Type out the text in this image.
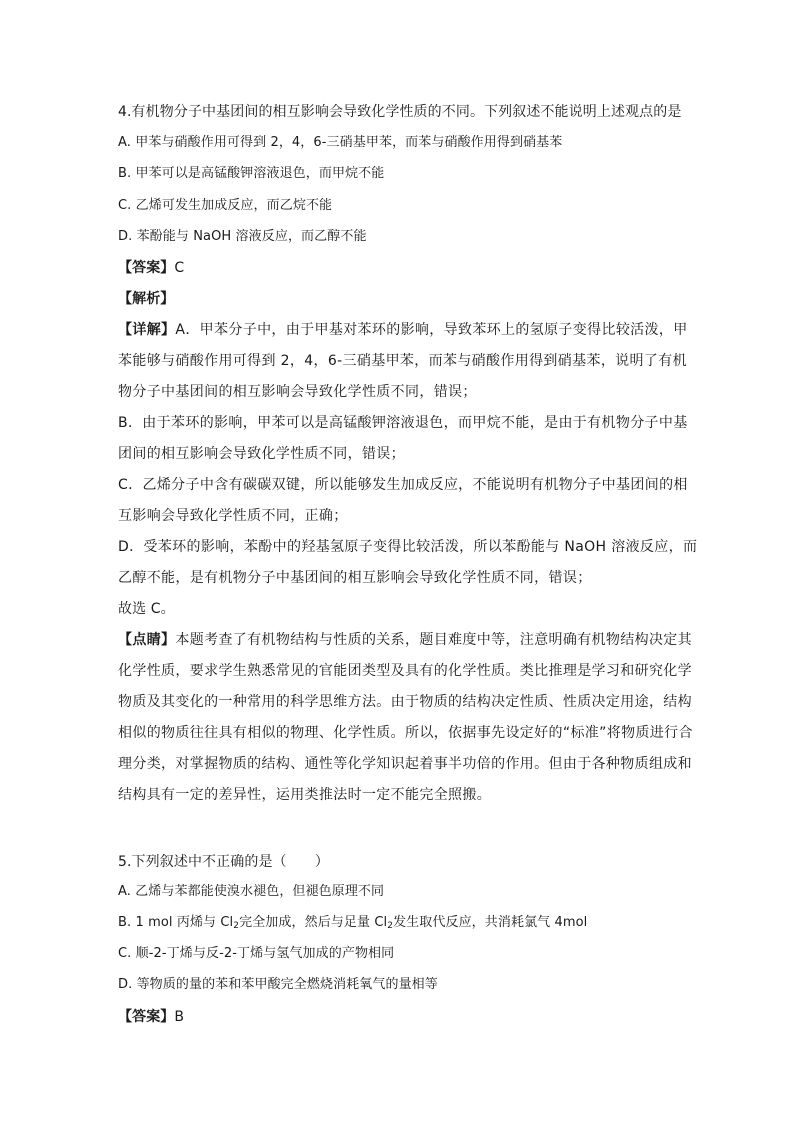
4.有机物分子中基团间的相互影响会导致化学性质的不同。下列叙述不能说明上述观点的是
A. 甲苯与硝酸作用可得到 2，4，6-三硝基甲苯，而苯与硝酸作用得到硝基苯
B. 甲苯可以是高锰酸钾溶液退色，而甲烷不能
C. 乙烯可发生加成反应，而乙烷不能
D. 苯酚能与 NaOH 溶液反应，而乙醇不能
【答案】C
【解析】
【详解】A．甲苯分子中，由于甲基对苯环的影响，导致苯环上的氢原子变得比较活泼，甲
苯能够与硝酸作用可得到 2，4，6-三硝基甲苯，而苯与硝酸作用得到硝基苯，说明了有机
物分子中基团间的相互影响会导致化学性质不同，错误；
B．由于苯环的影响，甲苯可以是高锰酸钾溶液退色，而甲烷不能，是由于有机物分子中基
团间的相互影响会导致化学性质不同，错误；
C．乙烯分子中含有碳碳双键，所以能够发生加成反应，不能说明有机物分子中基团间的相
互影响会导致化学性质不同，正确；
D．受苯环的影响，苯酚中的羟基氢原子变得比较活泼，所以苯酚能与 NaOH 溶液反应，而
乙醇不能，是有机物分子中基团间的相互影响会导致化学性质不同，错误；
故选 C。
【点睛】本题考查了有机物结构与性质的关系，题目难度中等，注意明确有机物结构决定其
化学性质，要求学生熟悉常见的官能团类型及具有的化学性质。类比推理是学习和研究化学
物质及其变化的一种常用的科学思维方法。由于物质的结构决定性质、性质决定用途，结构
相似的物质往往具有相似的物理、化学性质。所以，依据事先设定好的“标准”将物质进行合
理分类，对掌握物质的结构、通性等化学知识起着事半功倍的作用。但由于各种物质组成和
结构具有一定的差异性，运用类推法时一定不能完全照搬。
5.下列叙述中不正确的是（　　）
A. 乙烯与苯都能使溴水褪色，但褪色原理不同
B. 1 mol 丙烯与 $Cl_2$完全加成，然后与足量 $Cl_2$发生取代反应，共消耗氯气 4mol
C. 顺-2-丁烯与反-2-丁烯与氢气加成的产物相同
D. 等物质的量的苯和苯甲酸完全燃烧消耗氧气的量相等
【答案】B
